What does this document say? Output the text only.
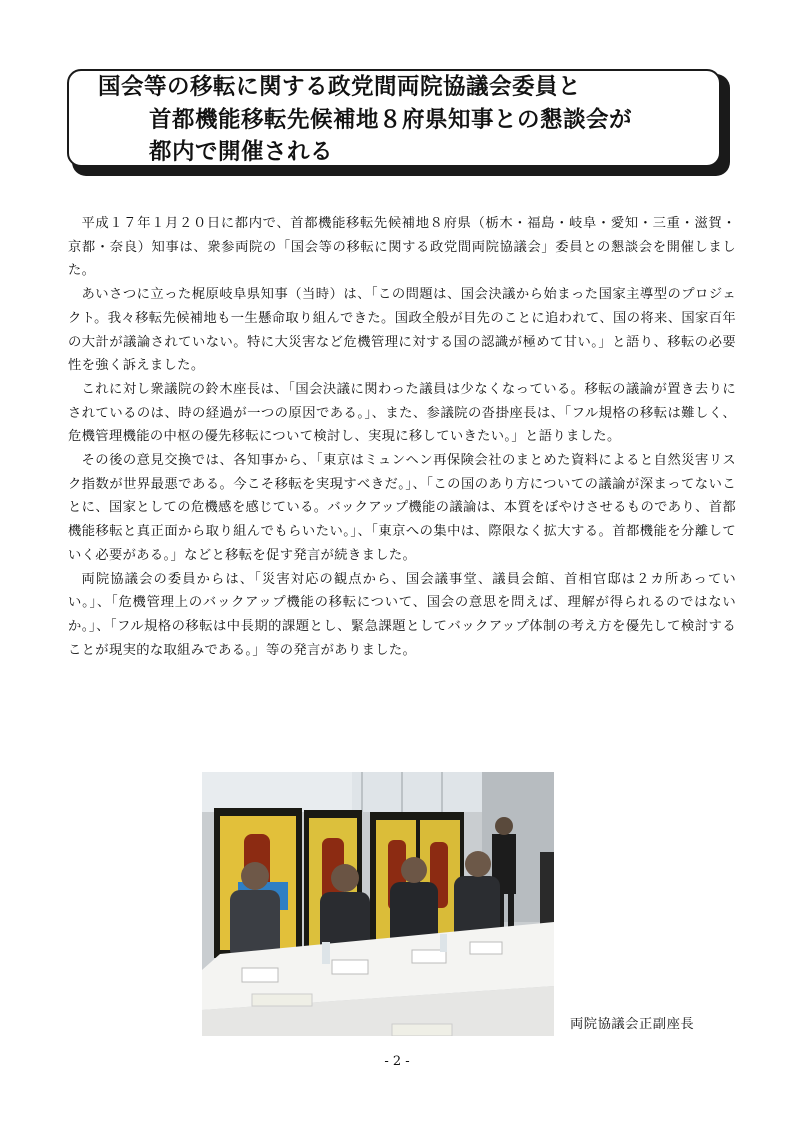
国会等の移転に関する政党間両院協議会委員と
首都機能移転先候補地８府県知事との懇談会が
都内で開催される

平成１７年１月２０日に都内で、首都機能移転先候補地８府県（栃木・福島・岐阜・愛知・三重・滋賀・京都・奈良）知事は、衆参両院の「国会等の移転に関する政党間両院協議会」委員との懇談会を開催しました。

あいさつに立った梶原岐阜県知事（当時）は、「この問題は、国会決議から始まった国家主導型のプロジェクト。我々移転先候補地も一生懸命取り組んできた。国政全般が目先のことに追われて、国の将来、国家百年の大計が議論されていない。特に大災害など危機管理に対する国の認識が極めて甘い。」と語り、移転の必要性を強く訴えました。

これに対し衆議院の鈴木座長は、「国会決議に関わった議員は少なくなっている。移転の議論が置き去りにされているのは、時の経過が一つの原因である。」、また、参議院の沓掛座長は、「フル規格の移転は難しく、危機管理機能の中枢の優先移転について検討し、実現に移していきたい。」と語りました。

その後の意見交換では、各知事から、「東京はミュンヘン再保険会社のまとめた資料によると自然災害リスク指数が世界最悪である。今こそ移転を実現すべきだ。」、「この国のあり方についての議論が深まってないことに、国家としての危機感を感じている。バックアップ機能の議論は、本質をぼやけさせるものであり、首都機能移転と真正面から取り組んでもらいたい。」、「東京への集中は、際限なく拡大する。首都機能を分離していく必要がある。」などと移転を促す発言が続きました。

両院協議会の委員からは、「災害対応の観点から、国会議事堂、議員会館、首相官邸は２カ所あっていい。」、「危機管理上のバックアップ機能の移転について、国会の意思を問えば、理解が得られるのではないか。」、「フル規格の移転は中長期的課題とし、緊急課題としてバックアップ体制の考え方を優先して検討することが現実的な取組みである。」等の発言がありました。

両院協議会正副座長
- 2 -
